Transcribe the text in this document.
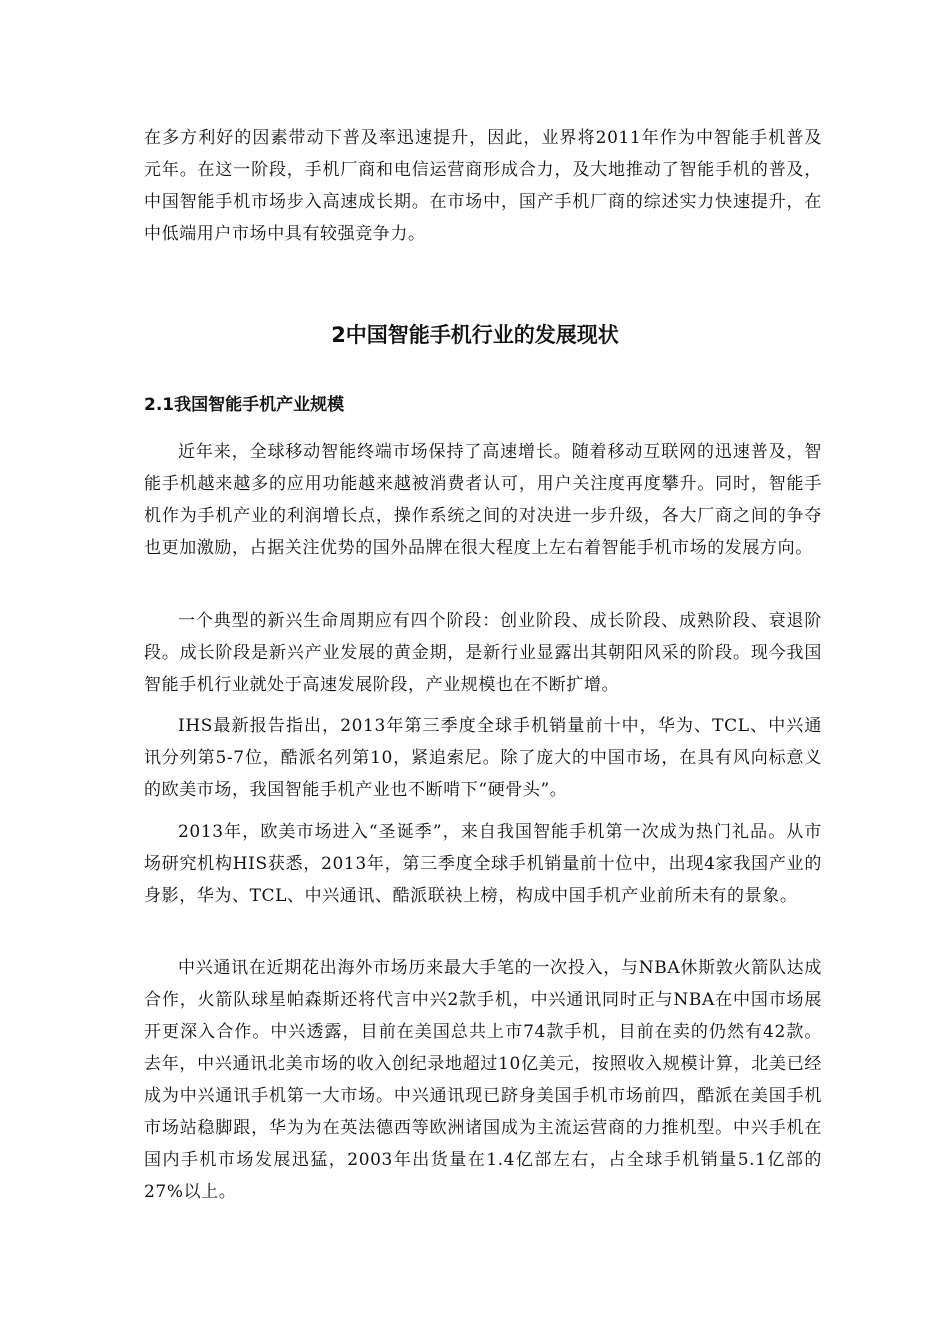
在多方利好的因素带动下普及率迅速提升，因此，业界将2011年作为中智能手机普及元年。在这一阶段，手机厂商和电信运营商形成合力，及大地推动了智能手机的普及，中国智能手机市场步入高速成长期。在市场中，国产手机厂商的综述实力快速提升，在中低端用户市场中具有较强竞争力。

2中国智能手机行业的发展现状
2.1我国智能手机产业规模

近年来，全球移动智能终端市场保持了高速增长。随着移动互联网的迅速普及，智能手机越来越多的应用功能越来越被消费者认可，用户关注度再度攀升。同时，智能手机作为手机产业的利润增长点，操作系统之间的对决进一步升级，各大厂商之间的争夺也更加激励，占据关注优势的国外品牌在很大程度上左右着智能手机市场的发展方向。

一个典型的新兴生命周期应有四个阶段：创业阶段、成长阶段、成熟阶段、衰退阶段。成长阶段是新兴产业发展的黄金期，是新行业显露出其朝阳风采的阶段。现今我国智能手机行业就处于高速发展阶段，产业规模也在不断扩增。

IHS最新报告指出，2013年第三季度全球手机销量前十中，华为、TCL、中兴通讯分列第5-7位，酷派名列第10，紧追索尼。除了庞大的中国市场，在具有风向标意义的欧美市场，我国智能手机产业也不断啃下“硬骨头”。

2013年，欧美市场进入“圣诞季”，来自我国智能手机第一次成为热门礼品。从市场研究机构HIS获悉，2013年，第三季度全球手机销量前十位中，出现4家我国产业的身影，华为、TCL、中兴通讯、酷派联袂上榜，构成中国手机产业前所未有的景象。

中兴通讯在近期花出海外市场历来最大手笔的一次投入，与NBA休斯敦火箭队达成合作，火箭队球星帕森斯还将代言中兴2款手机，中兴通讯同时正与NBA在中国市场展开更深入合作。中兴透露，目前在美国总共上市74款手机，目前在卖的仍然有42款。去年，中兴通讯北美市场的收入创纪录地超过10亿美元，按照收入规模计算，北美已经成为中兴通讯手机第一大市场。中兴通讯现已跻身美国手机市场前四，酷派在美国手机市场站稳脚跟，华为为在英法德西等欧洲诸国成为主流运营商的力推机型。中兴手机在国内手机市场发展迅猛，2003年出货量在1.4亿部左右，占全球手机销量5.1亿部的27%以上。
